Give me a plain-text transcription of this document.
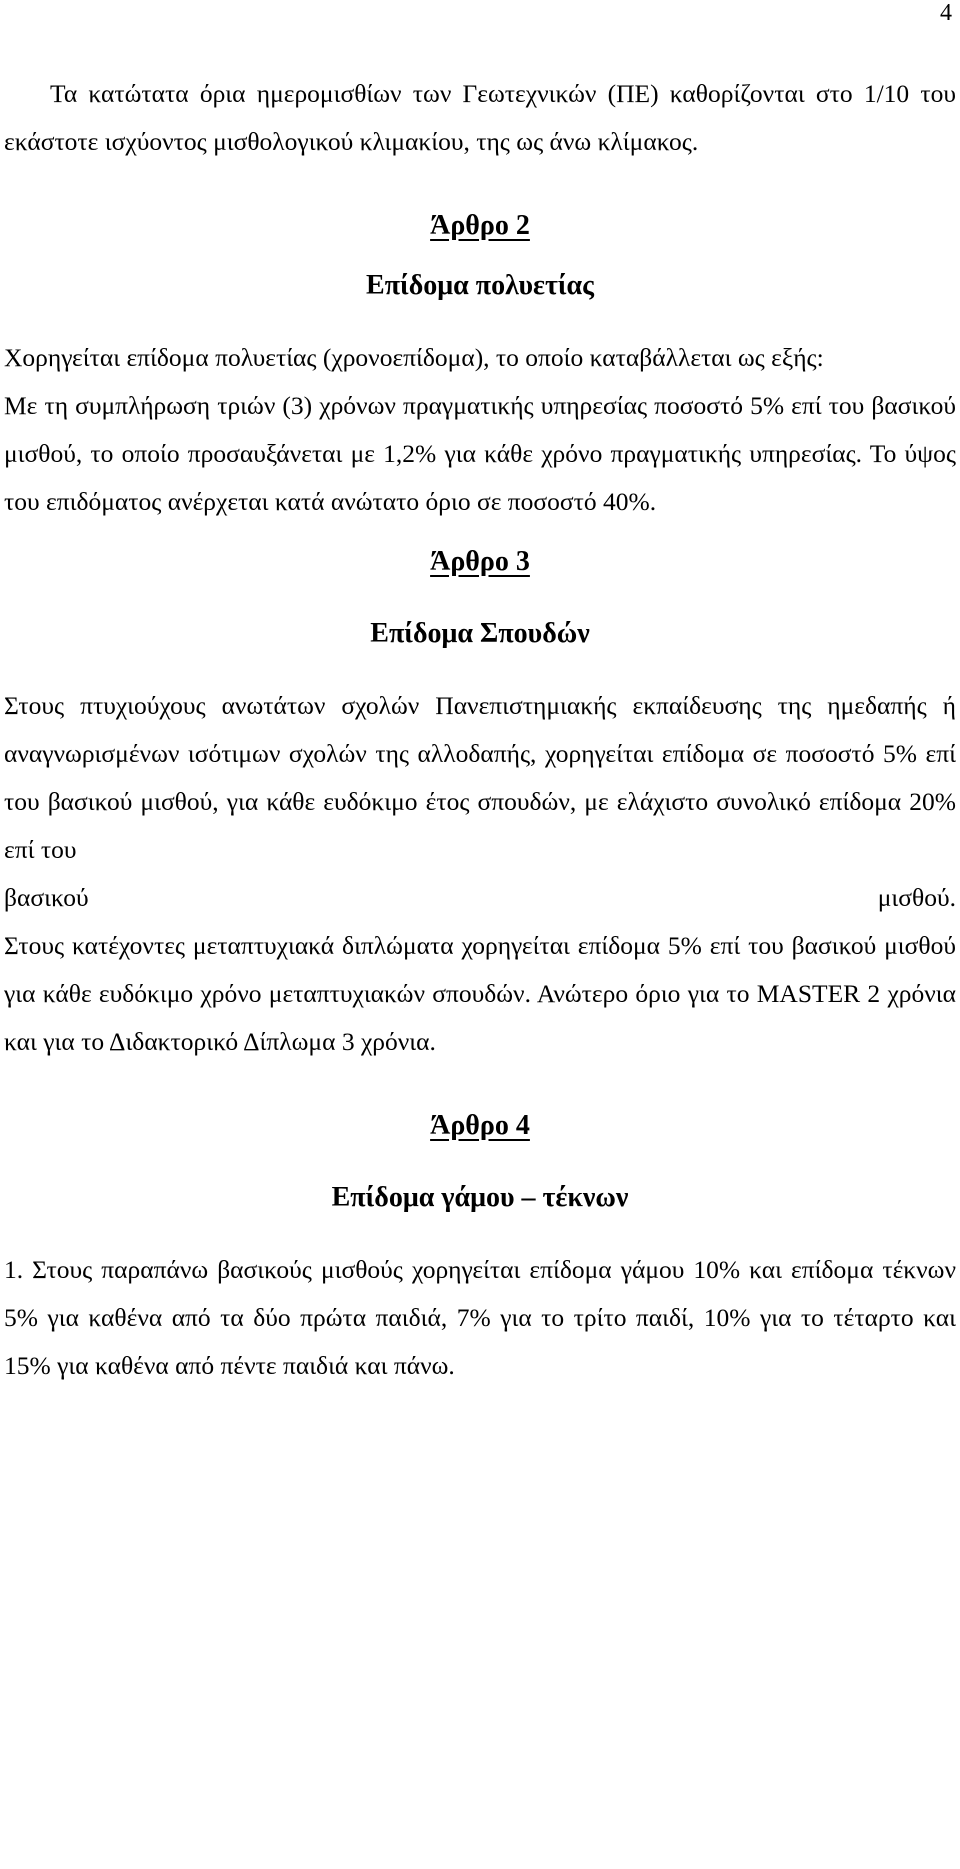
4

Τα κατώτατα όρια ημερομισθίων των Γεωτεχνικών (ΠΕ) καθορίζονται στο 1/10 του εκάστοτε ισχύοντος μισθολογικού κλιμακίου, της ως άνω κλίμακος.

Άρθρο 2
Επίδομα πολυετίας

Χορηγείται επίδομα πολυετίας (χρονοεπίδομα), το οποίο καταβάλλεται ως εξής:

Με τη συμπλήρωση τριών (3) χρόνων πραγματικής υπηρεσίας ποσοστό 5% επί του βασικού μισθού, το οποίο προσαυξάνεται με 1,2% για κάθε χρόνο πραγματικής υπηρεσίας. Το ύψος του επιδόματος ανέρχεται κατά ανώτατο όριο σε ποσοστό 40%.

Άρθρο 3
Επίδομα Σπουδών

Στους πτυχιούχους ανωτάτων σχολών Πανεπιστημιακής εκπαίδευσης της ημεδαπής ή αναγνωρισμένων ισότιμων σχολών της αλλοδαπής, χορηγείται επίδομα σε ποσοστό 5% επί του βασικού μισθού, για κάθε ευδόκιμο έτος σπουδών, με ελάχιστο συνολικό επίδομα 20% επί του

βασικού	μισθού.

Στους κατέχοντες μεταπτυχιακά διπλώματα χορηγείται επίδομα 5% επί του βασικού μισθού για κάθε ευδόκιμο χρόνο μεταπτυχιακών σπουδών. Ανώτερο όριο για το MASTER 2 χρόνια και για το Διδακτορικό Δίπλωμα 3 χρόνια.

Άρθρο 4
Επίδομα γάμου – τέκνων

1. Στους παραπάνω βασικούς μισθούς χορηγείται επίδομα γάμου 10% και επίδομα τέκνων 5% για καθένα από τα δύο πρώτα παιδιά, 7% για το τρίτο παιδί, 10% για το τέταρτο και 15% για καθένα από πέντε παιδιά και πάνω.
